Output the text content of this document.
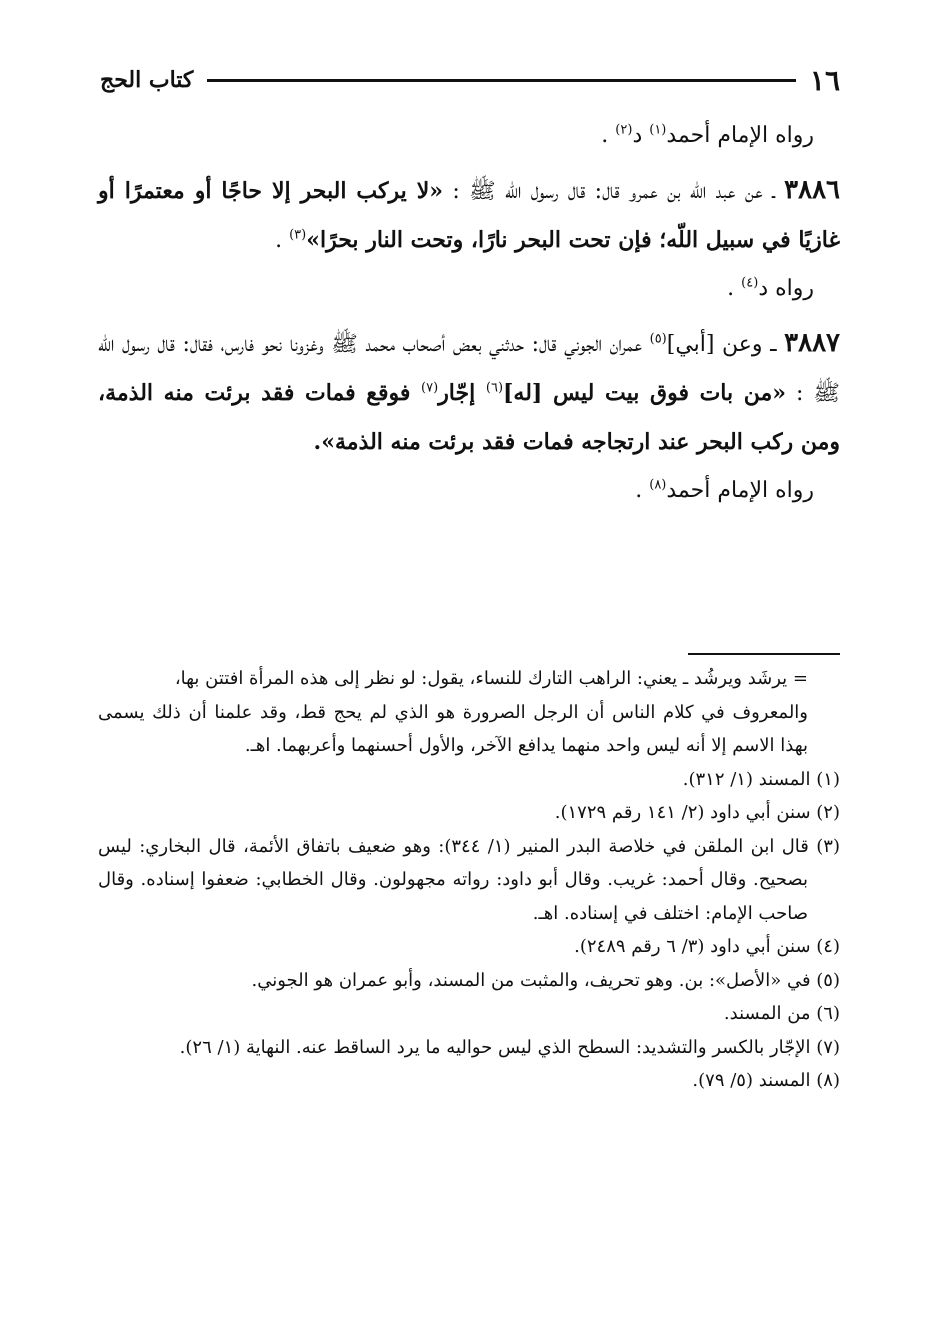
١٦
كتاب الحج

رواه الإمام أحمد$^{(١)}$ د$^{(٢)}$ .

٣٨٨٦ ـ عن عبد اللّه بن عمرو قال: قال رسول اللّه ﷺ : «لا يركب البحر إلا حاجًا أو معتمرًا أو غازيًا في سبيل اللّه؛ فإن تحت البحر نارًا، وتحت النار بحرًا»$^{(٣)}$ .

رواه د$^{(٤)}$ .

٣٨٨٧ ـ وعن [أبي]$^{(٥)}$ عمران الجوني قال: حدثني بعض أصحاب محمد ﷺ وغزونا نحو فارس، فقال: قال رسول اللّه ﷺ : «من بات فوق بيت ليس [له]$^{(٦)}$ إجّار$^{(٧)}$ فوقع فمات فقد برئت منه الذمة، ومن ركب البحر عند ارتجاجه فمات فقد برئت منه الذمة».

رواه الإمام أحمد$^{(٨)}$ .

= يرشَد ويرشُد ـ يعني: الراهب التارك للنساء، يقول: لو نظر إلى هذه المرأة افتتن بها،

والمعروف في كلام الناس أن الرجل الصرورة هو الذي لم يحج قط، وقد علمنا أن ذلك يسمى بهذا الاسم إلا أنه ليس واحد منهما يدافع الآخر، والأول أحسنهما وأعربهما. اهـ.

(١) المسند (١/ ٣١٢).

(٢) سنن أبي داود (٢/ ١٤١ رقم ١٧٢٩).

(٣) قال ابن الملقن في خلاصة البدر المنير (١/ ٣٤٤): وهو ضعيف باتفاق الأئمة، قال البخاري: ليس بصحيح. وقال أحمد: غريب. وقال أبو داود: رواته مجهولون. وقال الخطابي: ضعفوا إسناده. وقال صاحب الإمام: اختلف في إسناده. اهـ.

(٤) سنن أبي داود (٣/ ٦ رقم ٢٤٨٩).

(٥) في «الأصل»: بن. وهو تحريف، والمثبت من المسند، وأبو عمران هو الجوني.

(٦) من المسند.

(٧) الإجّار بالكسر والتشديد: السطح الذي ليس حواليه ما يرد الساقط عنه. النهاية (١/ ٢٦).

(٨) المسند (٥/ ٧٩).
